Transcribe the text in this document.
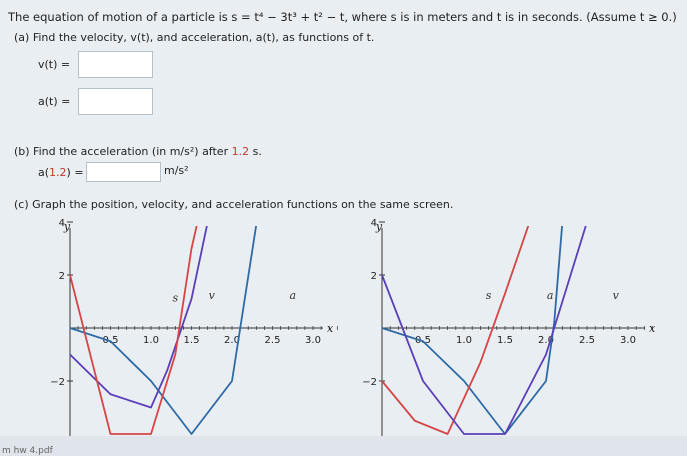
The equation of motion of a particle is s = t⁴ − 3t³ + t² − t, where s is in meters and t is in seconds. (Assume t ≥ 0.)
(a) Find the velocity, v(t), and acceleration, a(t), as functions of t.
v(t) =
a(t) =
(b) Find the acceleration (in m/s²) after 1.2 s.
a(1.2) =	m/s²
(c) Graph the position, velocity, and acceleration functions on the same screen.
0.5 1.0 1.5 2.0 2.5 3.0
2
−2
4
y
x
s	v	a
0.5	1.0	1.5	2.0	2.5	3.0
2
−2
4
y
x
s	a	v
m hw 4.pdf
